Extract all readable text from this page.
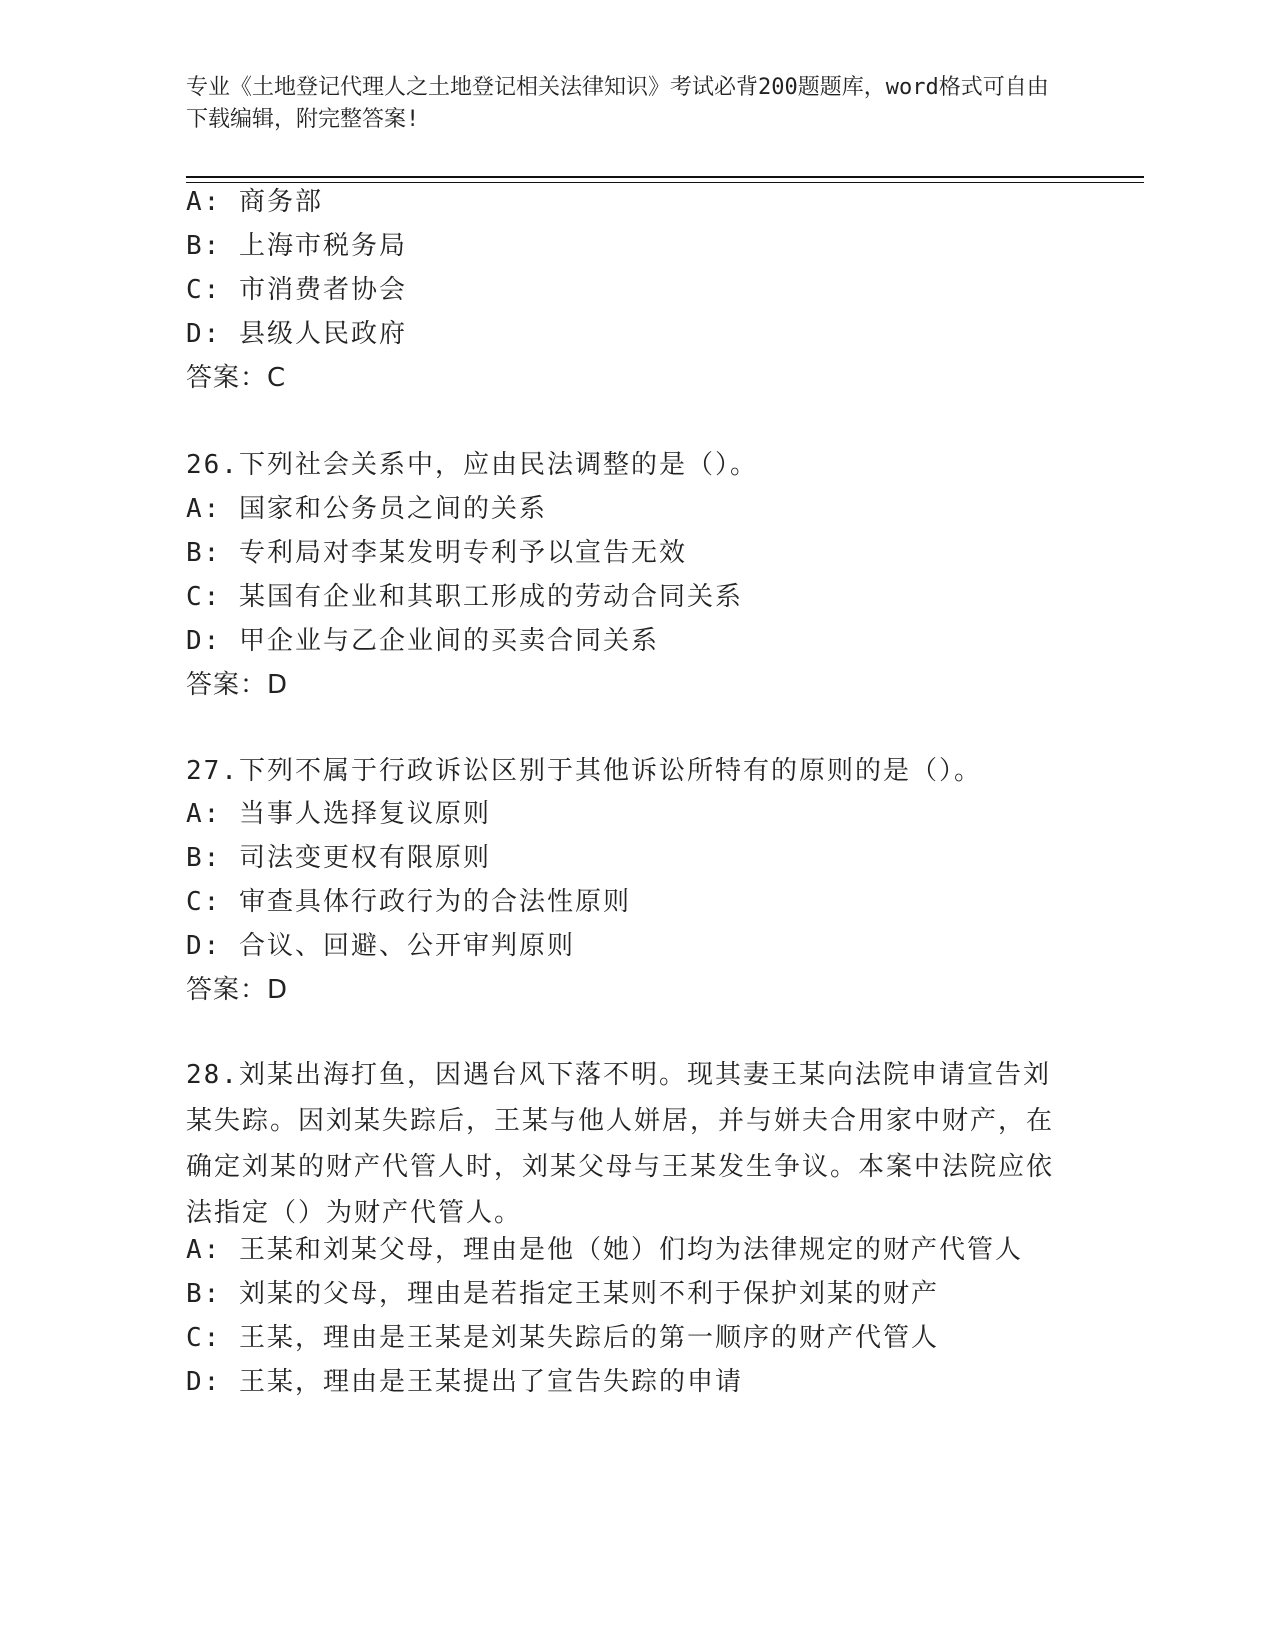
专业《土地登记代理人之土地登记相关法律知识》考试必背200题题库，word格式可自由下载编辑，附完整答案!
A: 商务部
B: 上海市税务局
C: 市消费者协会
D: 县级人民政府
答案：C
26.下列社会关系中，应由民法调整的是（）。
A: 国家和公务员之间的关系
B: 专利局对李某发明专利予以宣告无效
C: 某国有企业和其职工形成的劳动合同关系
D: 甲企业与乙企业间的买卖合同关系
答案：D
27.下列不属于行政诉讼区别于其他诉讼所特有的原则的是（）。
A: 当事人选择复议原则
B: 司法变更权有限原则
C: 审查具体行政行为的合法性原则
D: 合议、回避、公开审判原则
答案：D
28.刘某出海打鱼，因遇台风下落不明。现其妻王某向法院申请宣告刘某失踪。因刘某失踪后，王某与他人姘居，并与姘夫合用家中财产，在确定刘某的财产代管人时，刘某父母与王某发生争议。本案中法院应依法指定（）为财产代管人。
A: 王某和刘某父母，理由是他（她）们均为法律规定的财产代管人
B: 刘某的父母，理由是若指定王某则不利于保护刘某的财产
C: 王某，理由是王某是刘某失踪后的第一顺序的财产代管人
D: 王某，理由是王某提出了宣告失踪的申请
